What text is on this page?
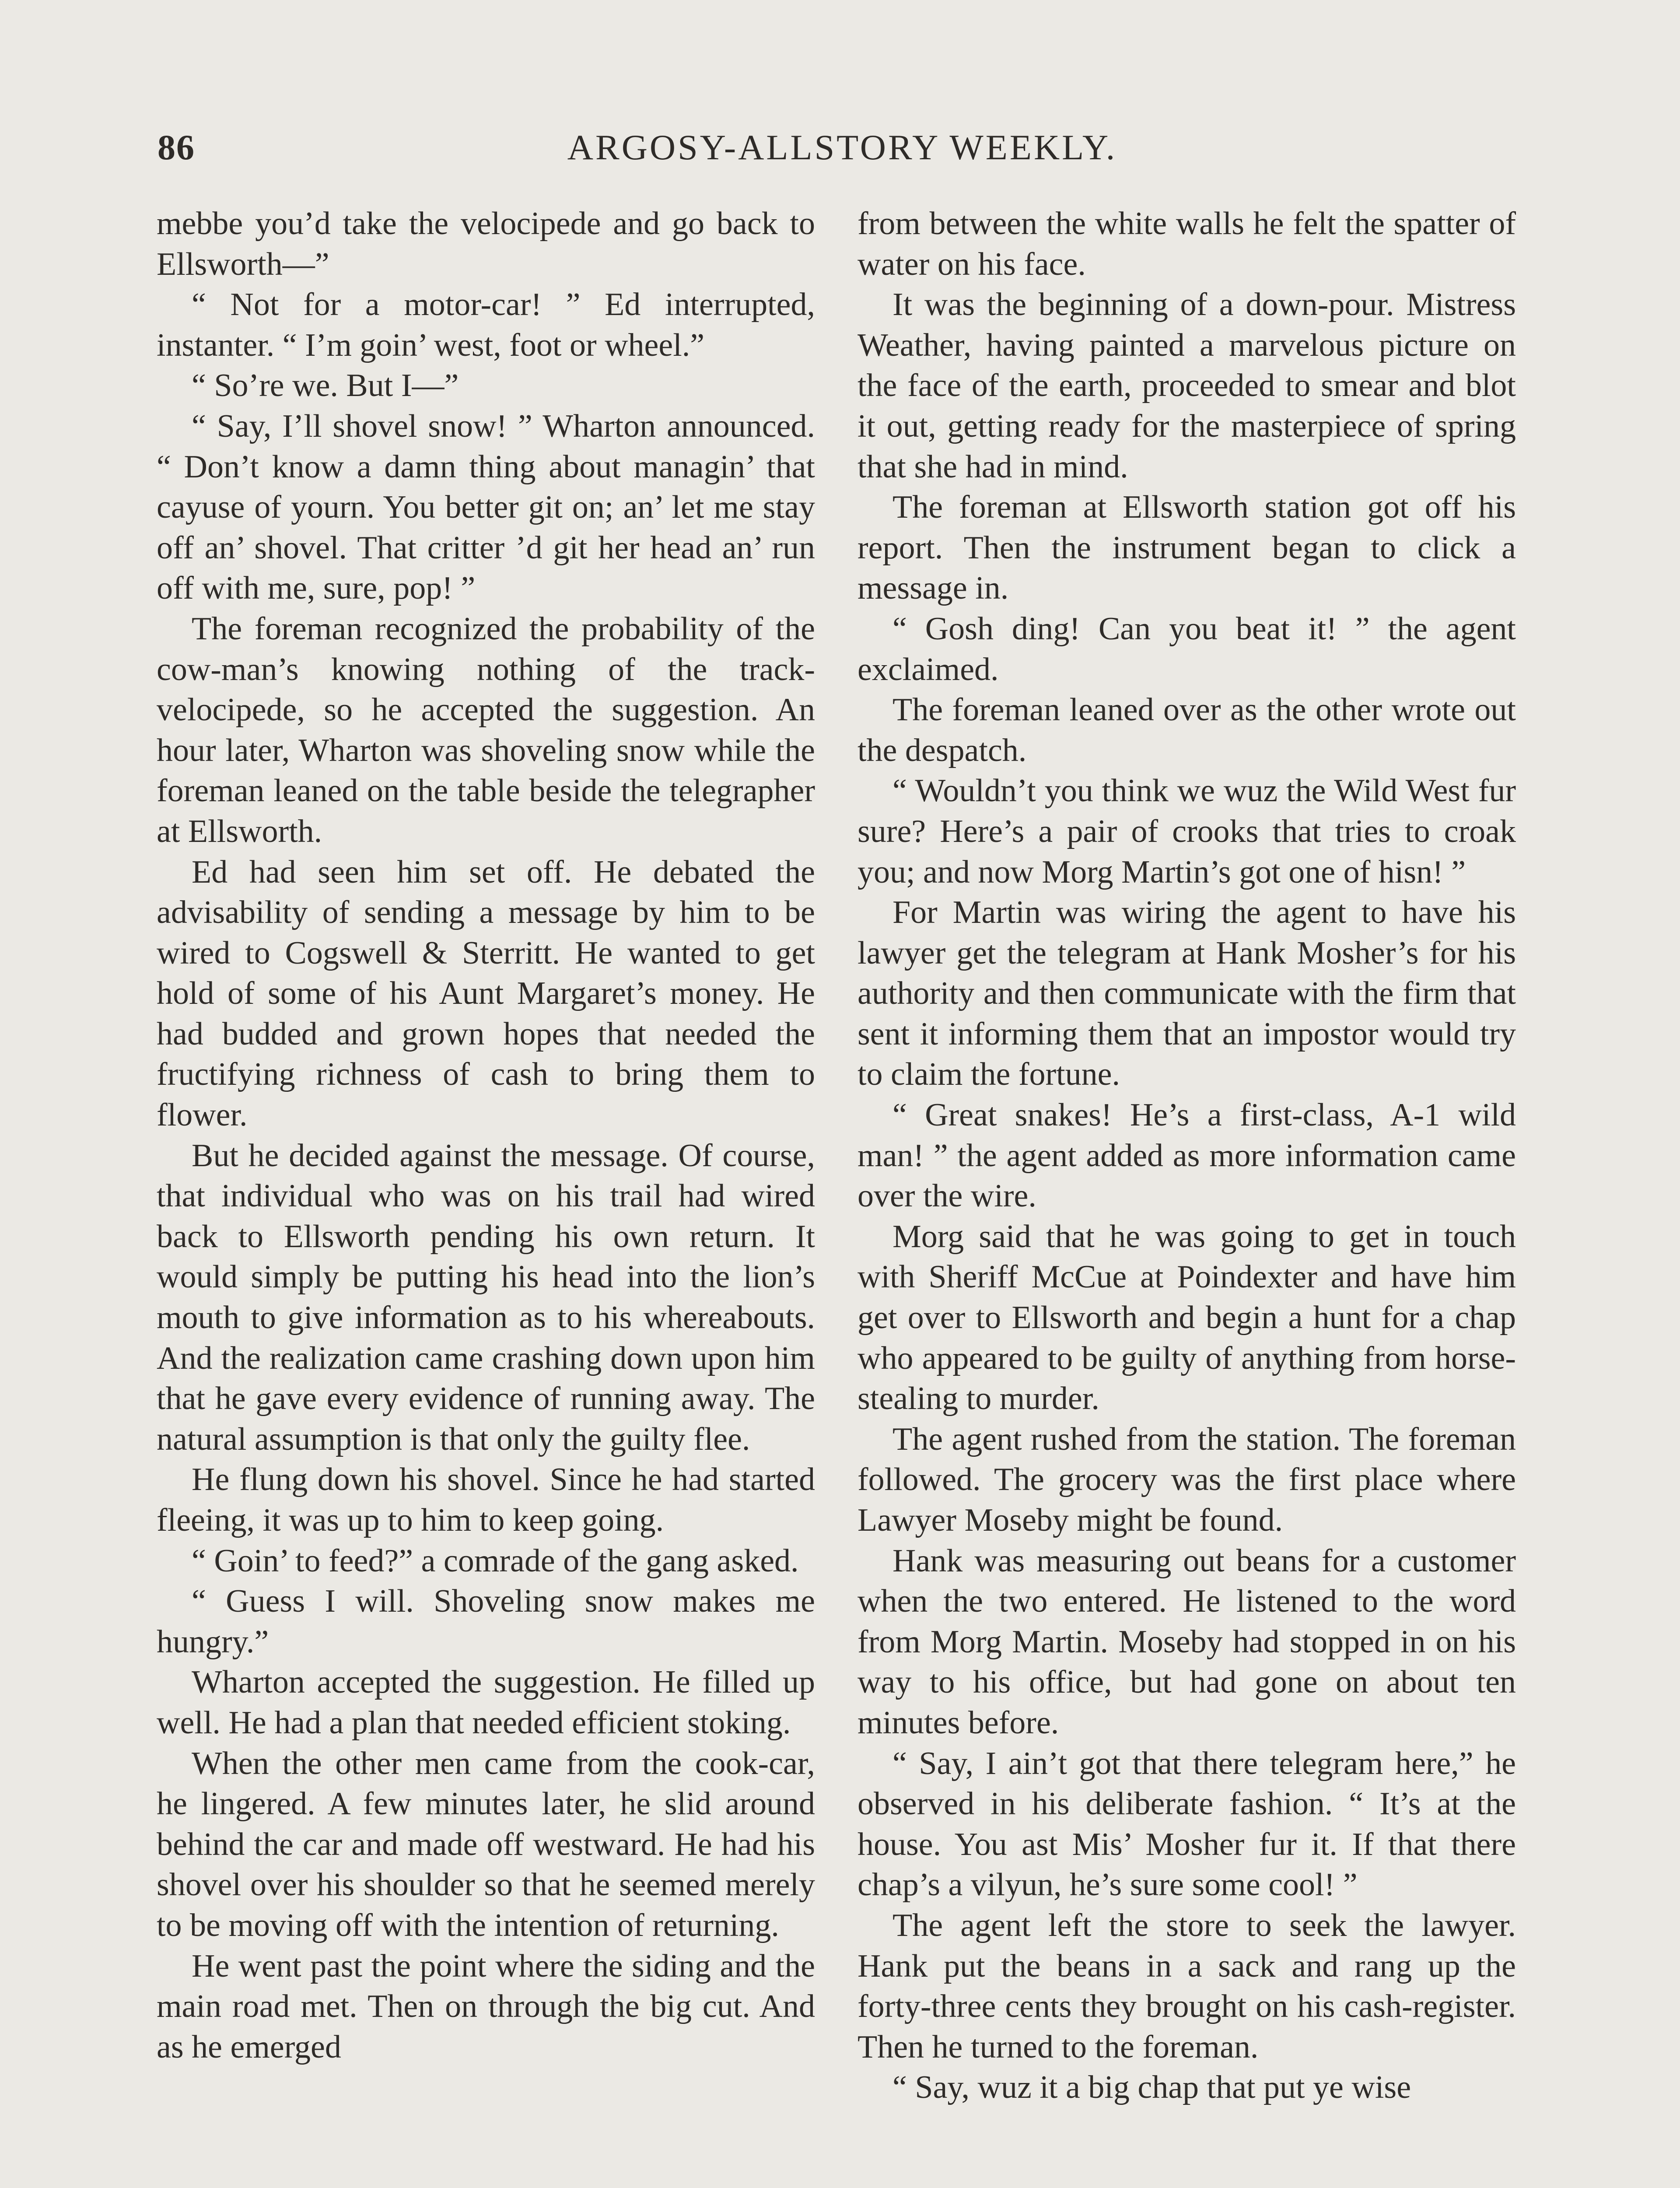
86	ARGOSY-ALLSTORY WEEKLY.

mebbe you’d take the velocipede and go back to Ellsworth—”

“ Not for a motor-car! ” Ed interrupted, instanter. “ I’m goin’ west, foot or wheel.”

“ So’re we. But I—”

“ Say, I’ll shovel snow! ” Wharton announced. “ Don’t know a damn thing about managin’ that cayuse of yourn. You better git on; an’ let me stay off an’ shovel. That critter ’d git her head an’ run off with me, sure, pop! ”

The foreman recognized the probability of the cow-man’s knowing nothing of the track-velocipede, so he accepted the suggestion. An hour later, Wharton was shoveling snow while the foreman leaned on the table beside the telegrapher at Ellsworth.

Ed had seen him set off. He debated the advisability of sending a message by him to be wired to Cogswell & Sterritt. He wanted to get hold of some of his Aunt Margaret’s money. He had budded and grown hopes that needed the fructifying richness of cash to bring them to flower.

But he decided against the message. Of course, that individual who was on his trail had wired back to Ellsworth pending his own return. It would simply be putting his head into the lion’s mouth to give information as to his whereabouts. And the realization came crashing down upon him that he gave every evidence of running away. The natural assumption is that only the guilty flee.

He flung down his shovel. Since he had started fleeing, it was up to him to keep going.

“ Goin’ to feed?” a comrade of the gang asked.

“ Guess I will. Shoveling snow makes me hungry.”

Wharton accepted the suggestion. He filled up well. He had a plan that needed efficient stoking.

When the other men came from the cook-car, he lingered. A few minutes later, he slid around behind the car and made off westward. He had his shovel over his shoulder so that he seemed merely to be moving off with the intention of returning.

He went past the point where the siding and the main road met. Then on through the big cut. And as he emerged

from between the white walls he felt the spatter of water on his face.

It was the beginning of a down-pour. Mistress Weather, having painted a marvelous picture on the face of the earth, proceeded to smear and blot it out, getting ready for the masterpiece of spring that she had in mind.

The foreman at Ellsworth station got off his report. Then the instrument began to click a message in.

“ Gosh ding! Can you beat it! ” the agent exclaimed.

The foreman leaned over as the other wrote out the despatch.

“ Wouldn’t you think we wuz the Wild West fur sure? Here’s a pair of crooks that tries to croak you; and now Morg Martin’s got one of hisn! ”

For Martin was wiring the agent to have his lawyer get the telegram at Hank Mosher’s for his authority and then communicate with the firm that sent it informing them that an impostor would try to claim the fortune.

“ Great snakes! He’s a first-class, A-1 wild man! ” the agent added as more information came over the wire.

Morg said that he was going to get in touch with Sheriff McCue at Poindexter and have him get over to Ellsworth and begin a hunt for a chap who appeared to be guilty of anything from horse-stealing to murder.

The agent rushed from the station. The foreman followed. The grocery was the first place where Lawyer Moseby might be found.

Hank was measuring out beans for a customer when the two entered. He listened to the word from Morg Martin. Moseby had stopped in on his way to his office, but had gone on about ten minutes before.

“ Say, I ain’t got that there telegram here,” he observed in his deliberate fashion. “ It’s at the house. You ast Mis’ Mosher fur it. If that there chap’s a vilyun, he’s sure some cool! ”

The agent left the store to seek the lawyer. Hank put the beans in a sack and rang up the forty-three cents they brought on his cash-register. Then he turned to the foreman.

“ Say, wuz it a big chap that put ye wise
